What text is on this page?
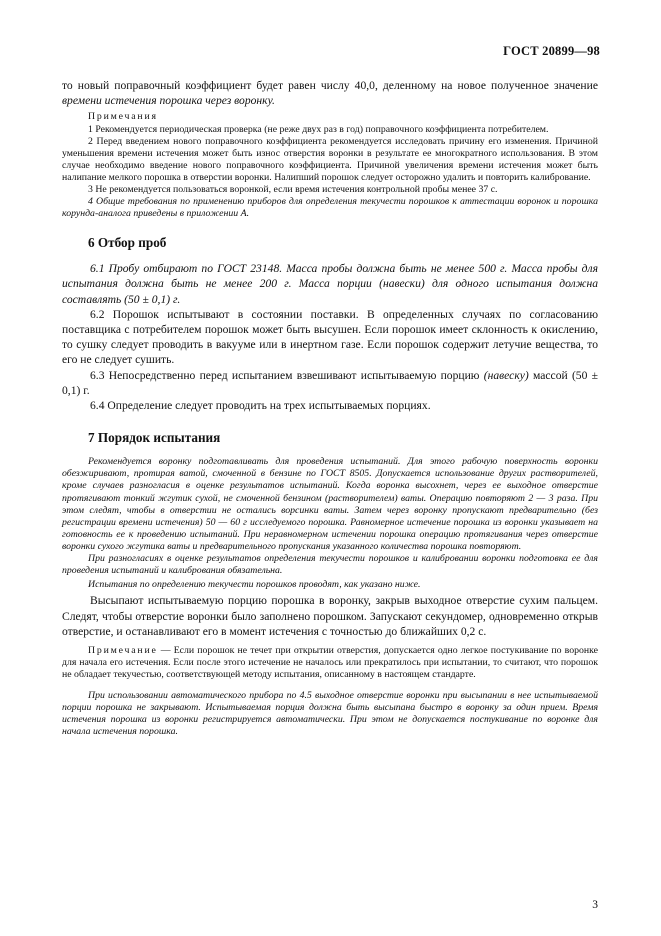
ГОСТ 20899—98

то новый поправочный коэффициент будет равен числу 40,0, деленному на новое полученное значение времени истечения порошка через воронку.

Примечания

1 Рекомендуется периодическая проверка (не реже двух раз в год) поправочного коэффициента потребителем.

2 Перед введением нового поправочного коэффициента рекомендуется исследовать причину его изменения. Причиной уменьшения времени истечения может быть износ отверстия воронки в результате ее многократного использования. В этом случае необходимо введение нового поправочного коэффициента. Причиной увеличения времени истечения может быть налипание мелкого порошка в отверстии воронки. Налипший порошок следует осторожно удалить и повторить калибрование.

3 Не рекомендуется пользоваться воронкой, если время истечения контрольной пробы менее 37 с.

4 Общие требования по применению приборов для определения текучести порошков к аттестации воронок и порошка корунда-аналога приведены в приложении А.

6 Отбор проб

6.1 Пробу отбирают по ГОСТ 23148. Масса пробы должна быть не менее 500 г. Масса пробы для испытания должна быть не менее 200 г. Масса порции (навески) для одного испытания должна составлять (50 ± 0,1) г.

6.2 Порошок испытывают в состоянии поставки. В определенных случаях по согласованию поставщика с потребителем порошок может быть высушен. Если порошок имеет склонность к окислению, то сушку следует проводить в вакууме или в инертном газе. Если порошок содержит летучие вещества, то его не следует сушить.

6.3 Непосредственно перед испытанием взвешивают испытываемую порцию (навеску) массой (50 ± 0,1) г.

6.4 Определение следует проводить на трех испытываемых порциях.

7 Порядок испытания

Рекомендуется воронку подготавливать для проведения испытаний. Для этого рабочую поверхность воронки обезжиривают, протирая ватой, смоченной в бензине по ГОСТ 8505. Допускается использование других растворителей, кроме случаев разногласия в оценке результатов испытаний. Когда воронка высохнет, через ее выходное отверстие протягивают тонкий жгутик сухой, не смоченной бензином (растворителем) ваты. Операцию повторяют 2 — 3 раза. При этом следят, чтобы в отверстии не остались ворсинки ваты. Затем через воронку пропускают предварительно (без регистрации времени истечения) 50 — 60 г исследуемого порошка. Равномерное истечение порошка из воронки указывает на готовность ее к проведению испытаний. При неравномерном истечении порошка операцию протягивания через отверстие воронки сухого жгутика ваты и предварительного пропускания указанного количества порошка повторяют.

При разногласиях в оценке результатов определения текучести порошков и калибровании воронки подготовка ее для проведения испытаний и калибрования обязательна.

Испытания по определению текучести порошков проводят, как указано ниже.

Высыпают испытываемую порцию порошка в воронку, закрыв выходное отверстие сухим пальцем. Следят, чтобы отверстие воронки было заполнено порошком. Запускают секундомер, одновременно открыв отверстие, и останавливают его в момент истечения с точностью до ближайших 0,2 с.

Примечание — Если порошок не течет при открытии отверстия, допускается одно легкое постукивание по воронке для начала его истечения. Если после этого истечение не началось или прекратилось при испытании, то считают, что порошок не обладает текучестью, соответствующей методу испытания, описанному в настоящем стандарте.

При использовании автоматического прибора по 4.5 выходное отверстие воронки при высыпании в нее испытываемой порции порошка не закрывают. Испытываемая порция должна быть высыпана быстро в воронку за один прием. Время истечения порошка из воронки регистрируется автоматически. При этом не допускается постукивание по воронке для начала истечения порошка.

3
